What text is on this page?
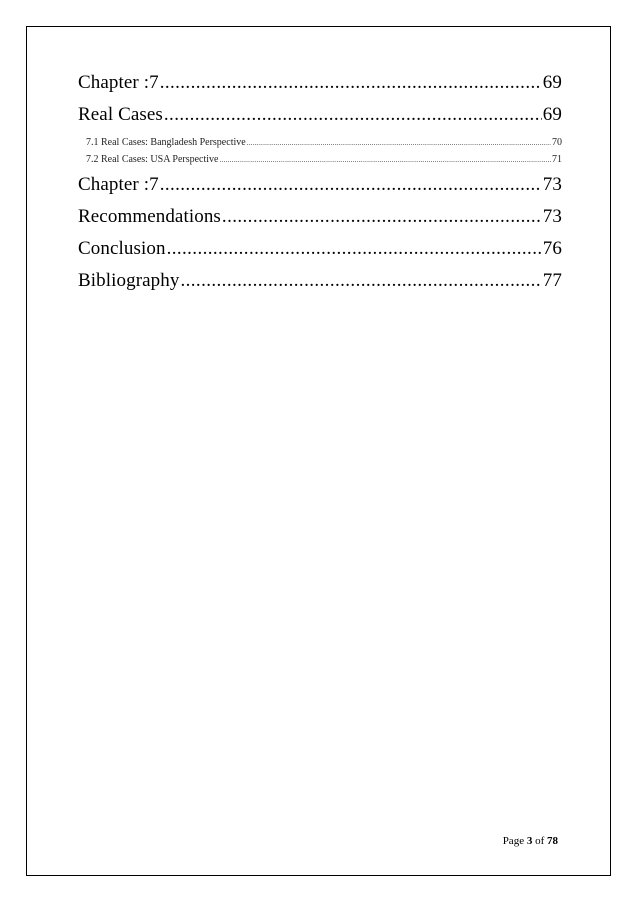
Chapter :7 .....	69
Real Cases .....	69
7.1 Real Cases: Bangladesh Perspective .....	70
7.2 Real Cases: USA Perspective .....	71
Chapter :7 .....	73
Recommendations .....	73
Conclusion .....	76
Bibliography .....	77
Page 3 of 78
